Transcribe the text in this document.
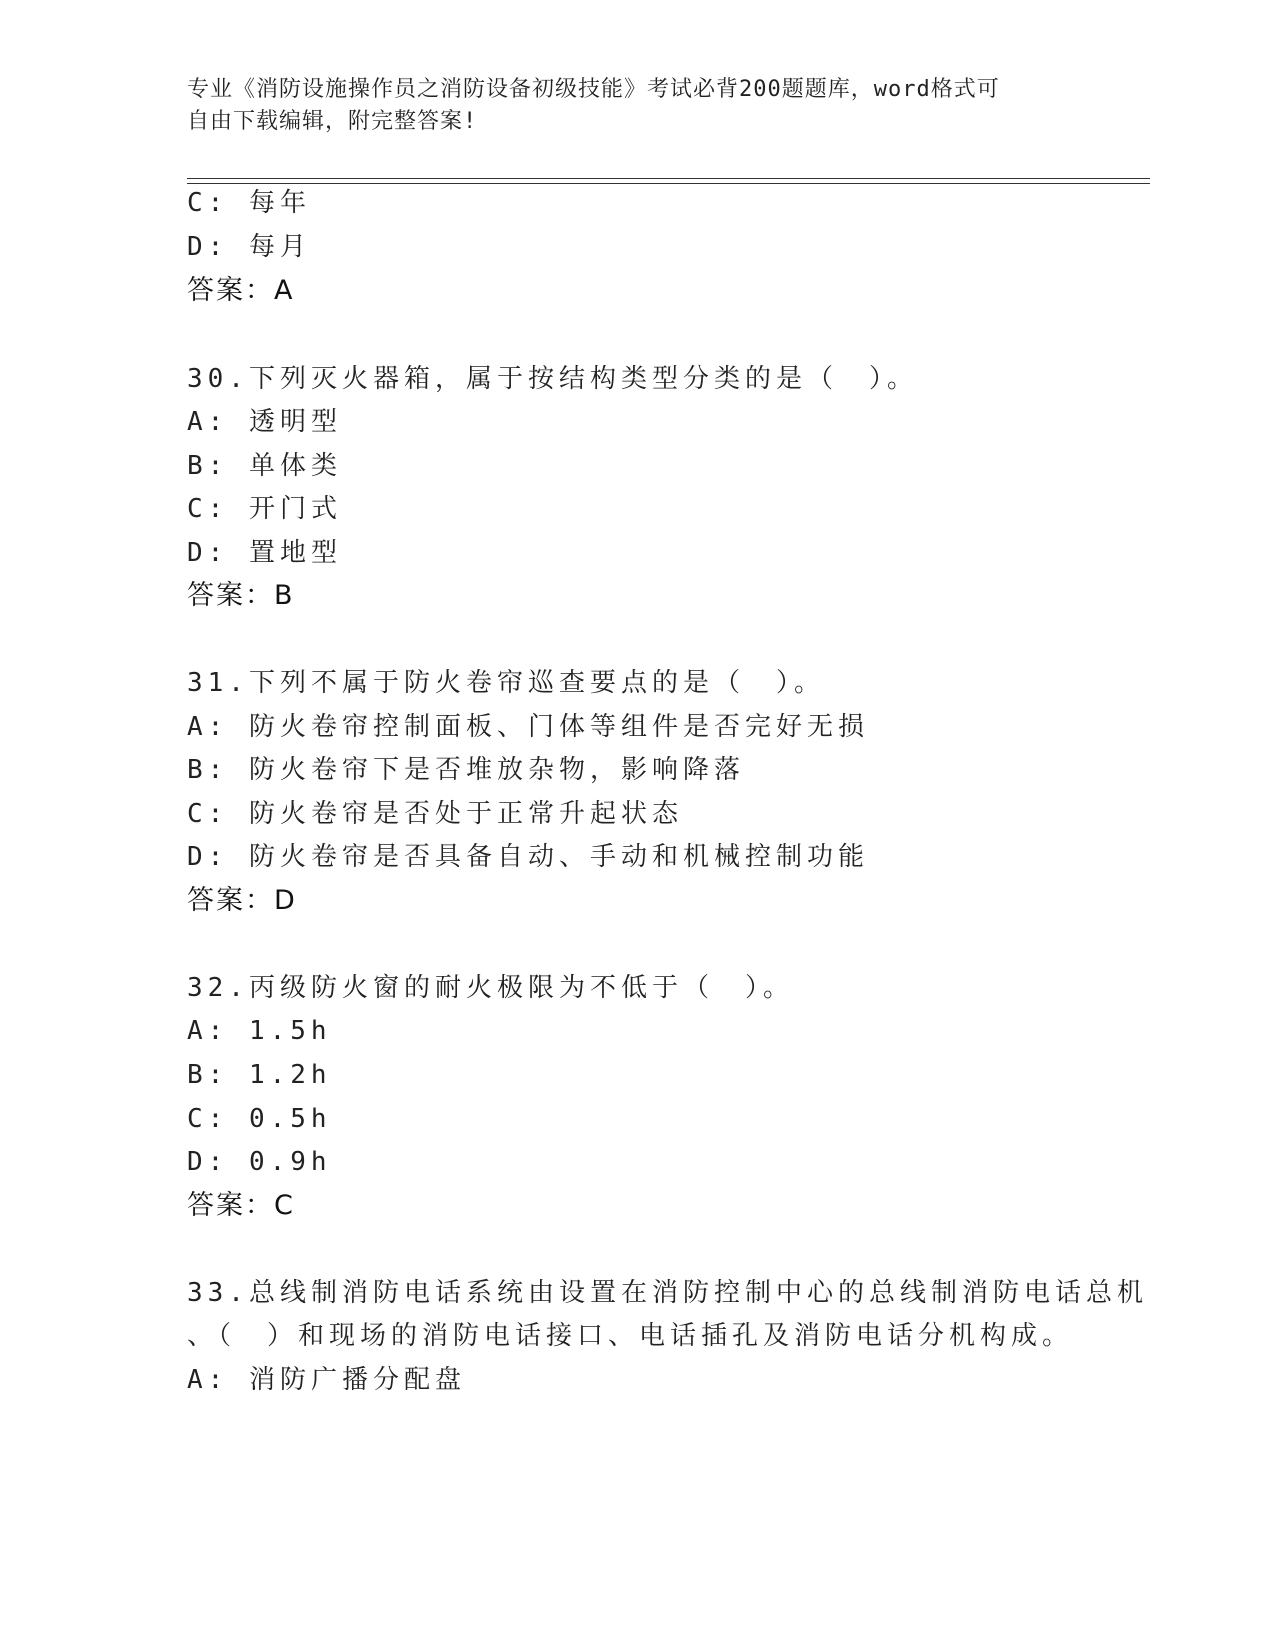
专业《消防设施操作员之消防设备初级技能》考试必背200题题库，word格式可
自由下载编辑，附完整答案!
C: 每年
D: 每月
答案：A
30.下列灭火器箱，属于按结构类型分类的是（　）。
A: 透明型
B: 单体类
C: 开门式
D: 置地型
答案：B
31.下列不属于防火卷帘巡查要点的是（　）。
A: 防火卷帘控制面板、门体等组件是否完好无损
B: 防火卷帘下是否堆放杂物，影响降落
C: 防火卷帘是否处于正常升起状态
D: 防火卷帘是否具备自动、手动和机械控制功能
答案：D
32.丙级防火窗的耐火极限为不低于（　）。
A: 1.5h
B: 1.2h
C: 0.5h
D: 0.9h
答案：C
33.总线制消防电话系统由设置在消防控制中心的总线制消防电话总机
、（　）和现场的消防电话接口、电话插孔及消防电话分机构成。
A: 消防广播分配盘
